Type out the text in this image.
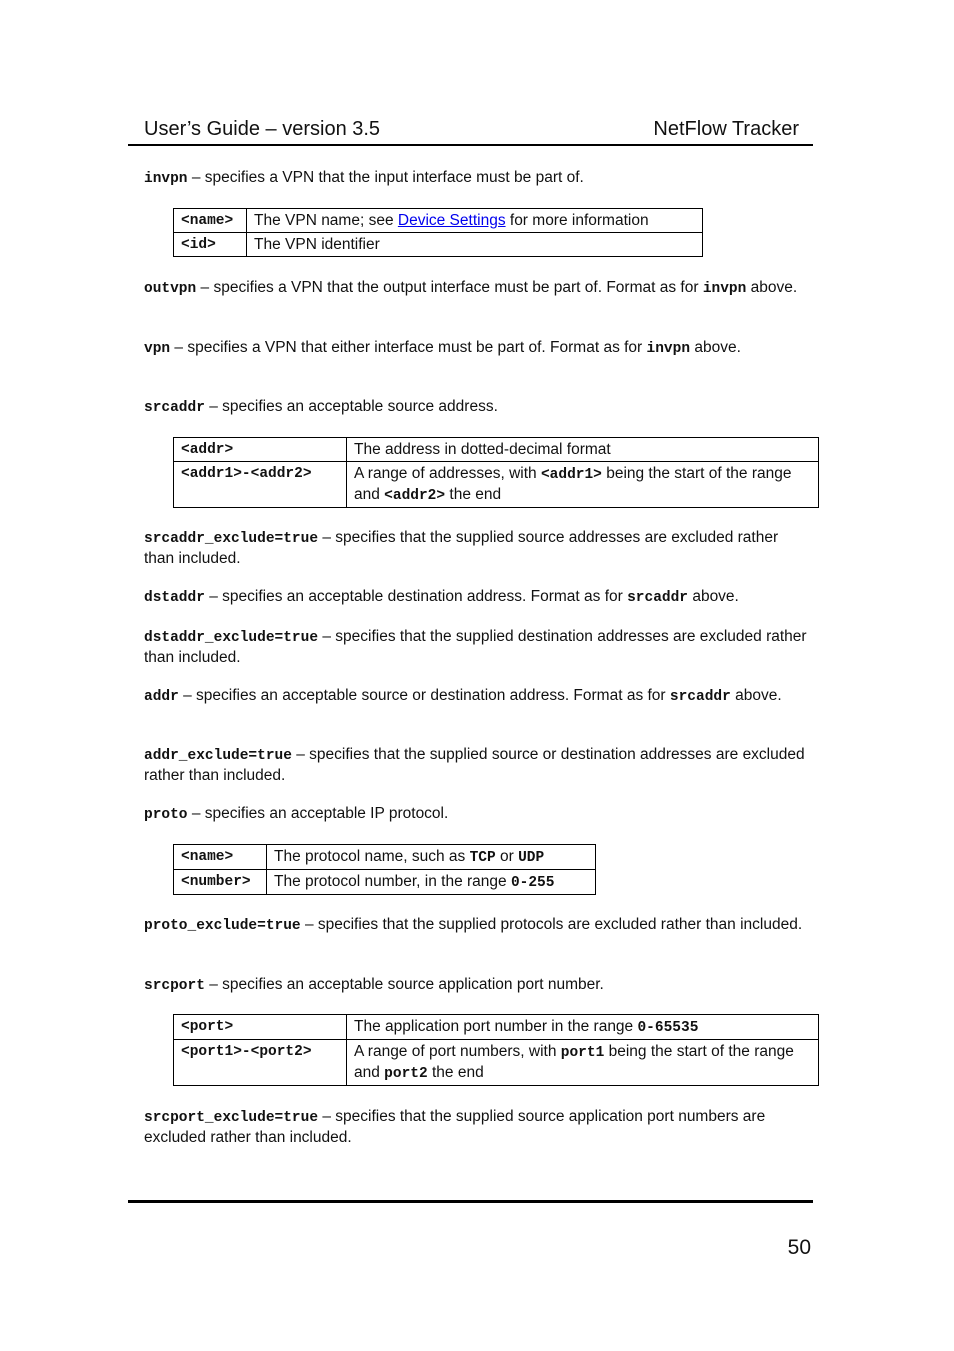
User’s Guide – version 3.5	NetFlow Tracker

invpn – specifies a VPN that the input interface must be part of.

<name>	The VPN name; see Device Settings for more information
<id>	The VPN identifier

outvpn – specifies a VPN that the output interface must be part of. Format as for invpn above.

vpn – specifies a VPN that either interface must be part of. Format as for invpn above.

srcaddr – specifies an acceptable source address.

<addr>	The address in dotted-decimal format
<addr1>-<addr2>	A range of addresses, with <addr1> being the start of the range and <addr2> the end

srcaddr_exclude=true – specifies that the supplied source addresses are excluded rather than included.

dstaddr – specifies an acceptable destination address. Format as for srcaddr above.

dstaddr_exclude=true – specifies that the supplied destination addresses are excluded rather than included.

addr – specifies an acceptable source or destination address. Format as for srcaddr above.

addr_exclude=true – specifies that the supplied source or destination addresses are excluded rather than included.

proto – specifies an acceptable IP protocol.

<name>	The protocol name, such as TCP or UDP
<number>	The protocol number, in the range 0-255

proto_exclude=true – specifies that the supplied protocols are excluded rather than included.

srcport – specifies an acceptable source application port number.

<port>	The application port number in the range 0-65535
<port1>-<port2>	A range of port numbers, with port1 being the start of the range and port2 the end

srcport_exclude=true – specifies that the supplied source application port numbers are excluded rather than included.

50
